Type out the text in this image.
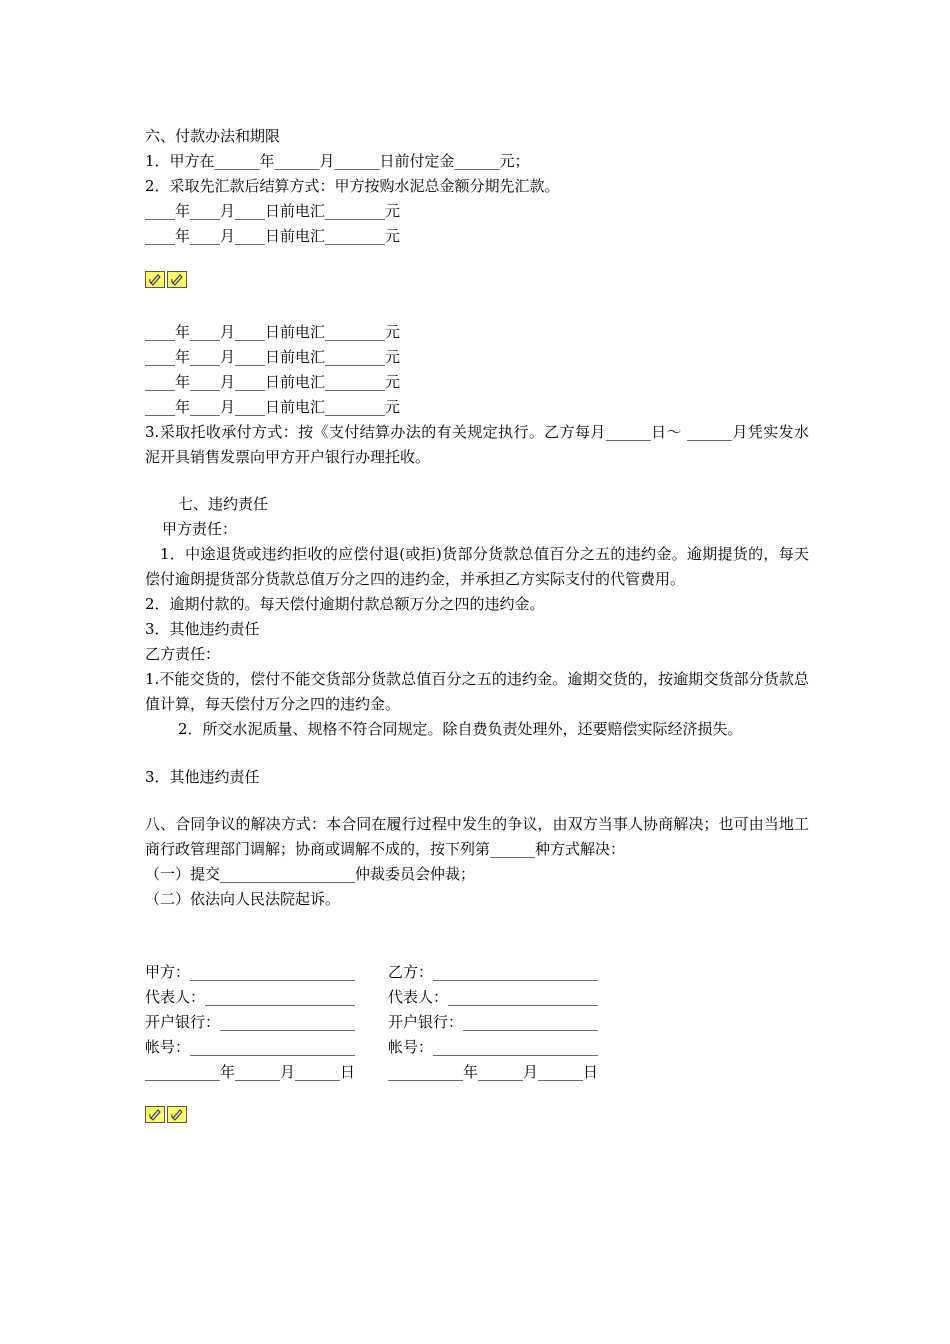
六、付款办法和期限
1．甲方在______年______月______日前付定金______元；
2．采取先汇款后结算方式：甲方按购水泥总金额分期先汇款。
____年____月____日前电汇________元
____年____月____日前电汇________元
____年____月____日前电汇________元
____年____月____日前电汇________元
____年____月____日前电汇________元
____年____月____日前电汇________元
3.采取托收承付方式：按《支付结算办法的有关规定执行。乙方每月______日～ ______月凭实发水泥开具销售发票向甲方开户银行办理托收。
七、违约责任
甲方责任：
1．中途退货或违约拒收的应偿付退(或拒)货部分货款总值百分之五的违约金。逾期提货的，每天偿付逾朗提货部分货款总值万分之四的违约金，并承担乙方实际支付的代管费用。
2．逾期付款的。每天偿付逾期付款总额万分之四的违约金。
3．其他违约责任
乙方责任：
1.不能交货的，偿付不能交货部分货款总值百分之五的违约金。逾期交货的，按逾期交货部分货款总值计算，每天偿付万分之四的违约金。
2．所交水泥质量、规格不符合同规定。除自费负责处理外，还要赔偿实际经济损失。
3．其他违约责任
八、合同争议的解决方式：本合同在履行过程中发生的争议，由双方当事人协商解决；也可由当地工商行政管理部门调解；协商或调解不成的，按下列第______种方式解决：
（一）提交__________________仲裁委员会仲裁；
（二）依法向人民法院起诉。
甲方：______________________
代表人：____________________
开户银行：__________________
帐号：______________________
__________年______月______日
乙方：______________________
代表人：____________________
开户银行：__________________
帐号：______________________
__________年______月______日
